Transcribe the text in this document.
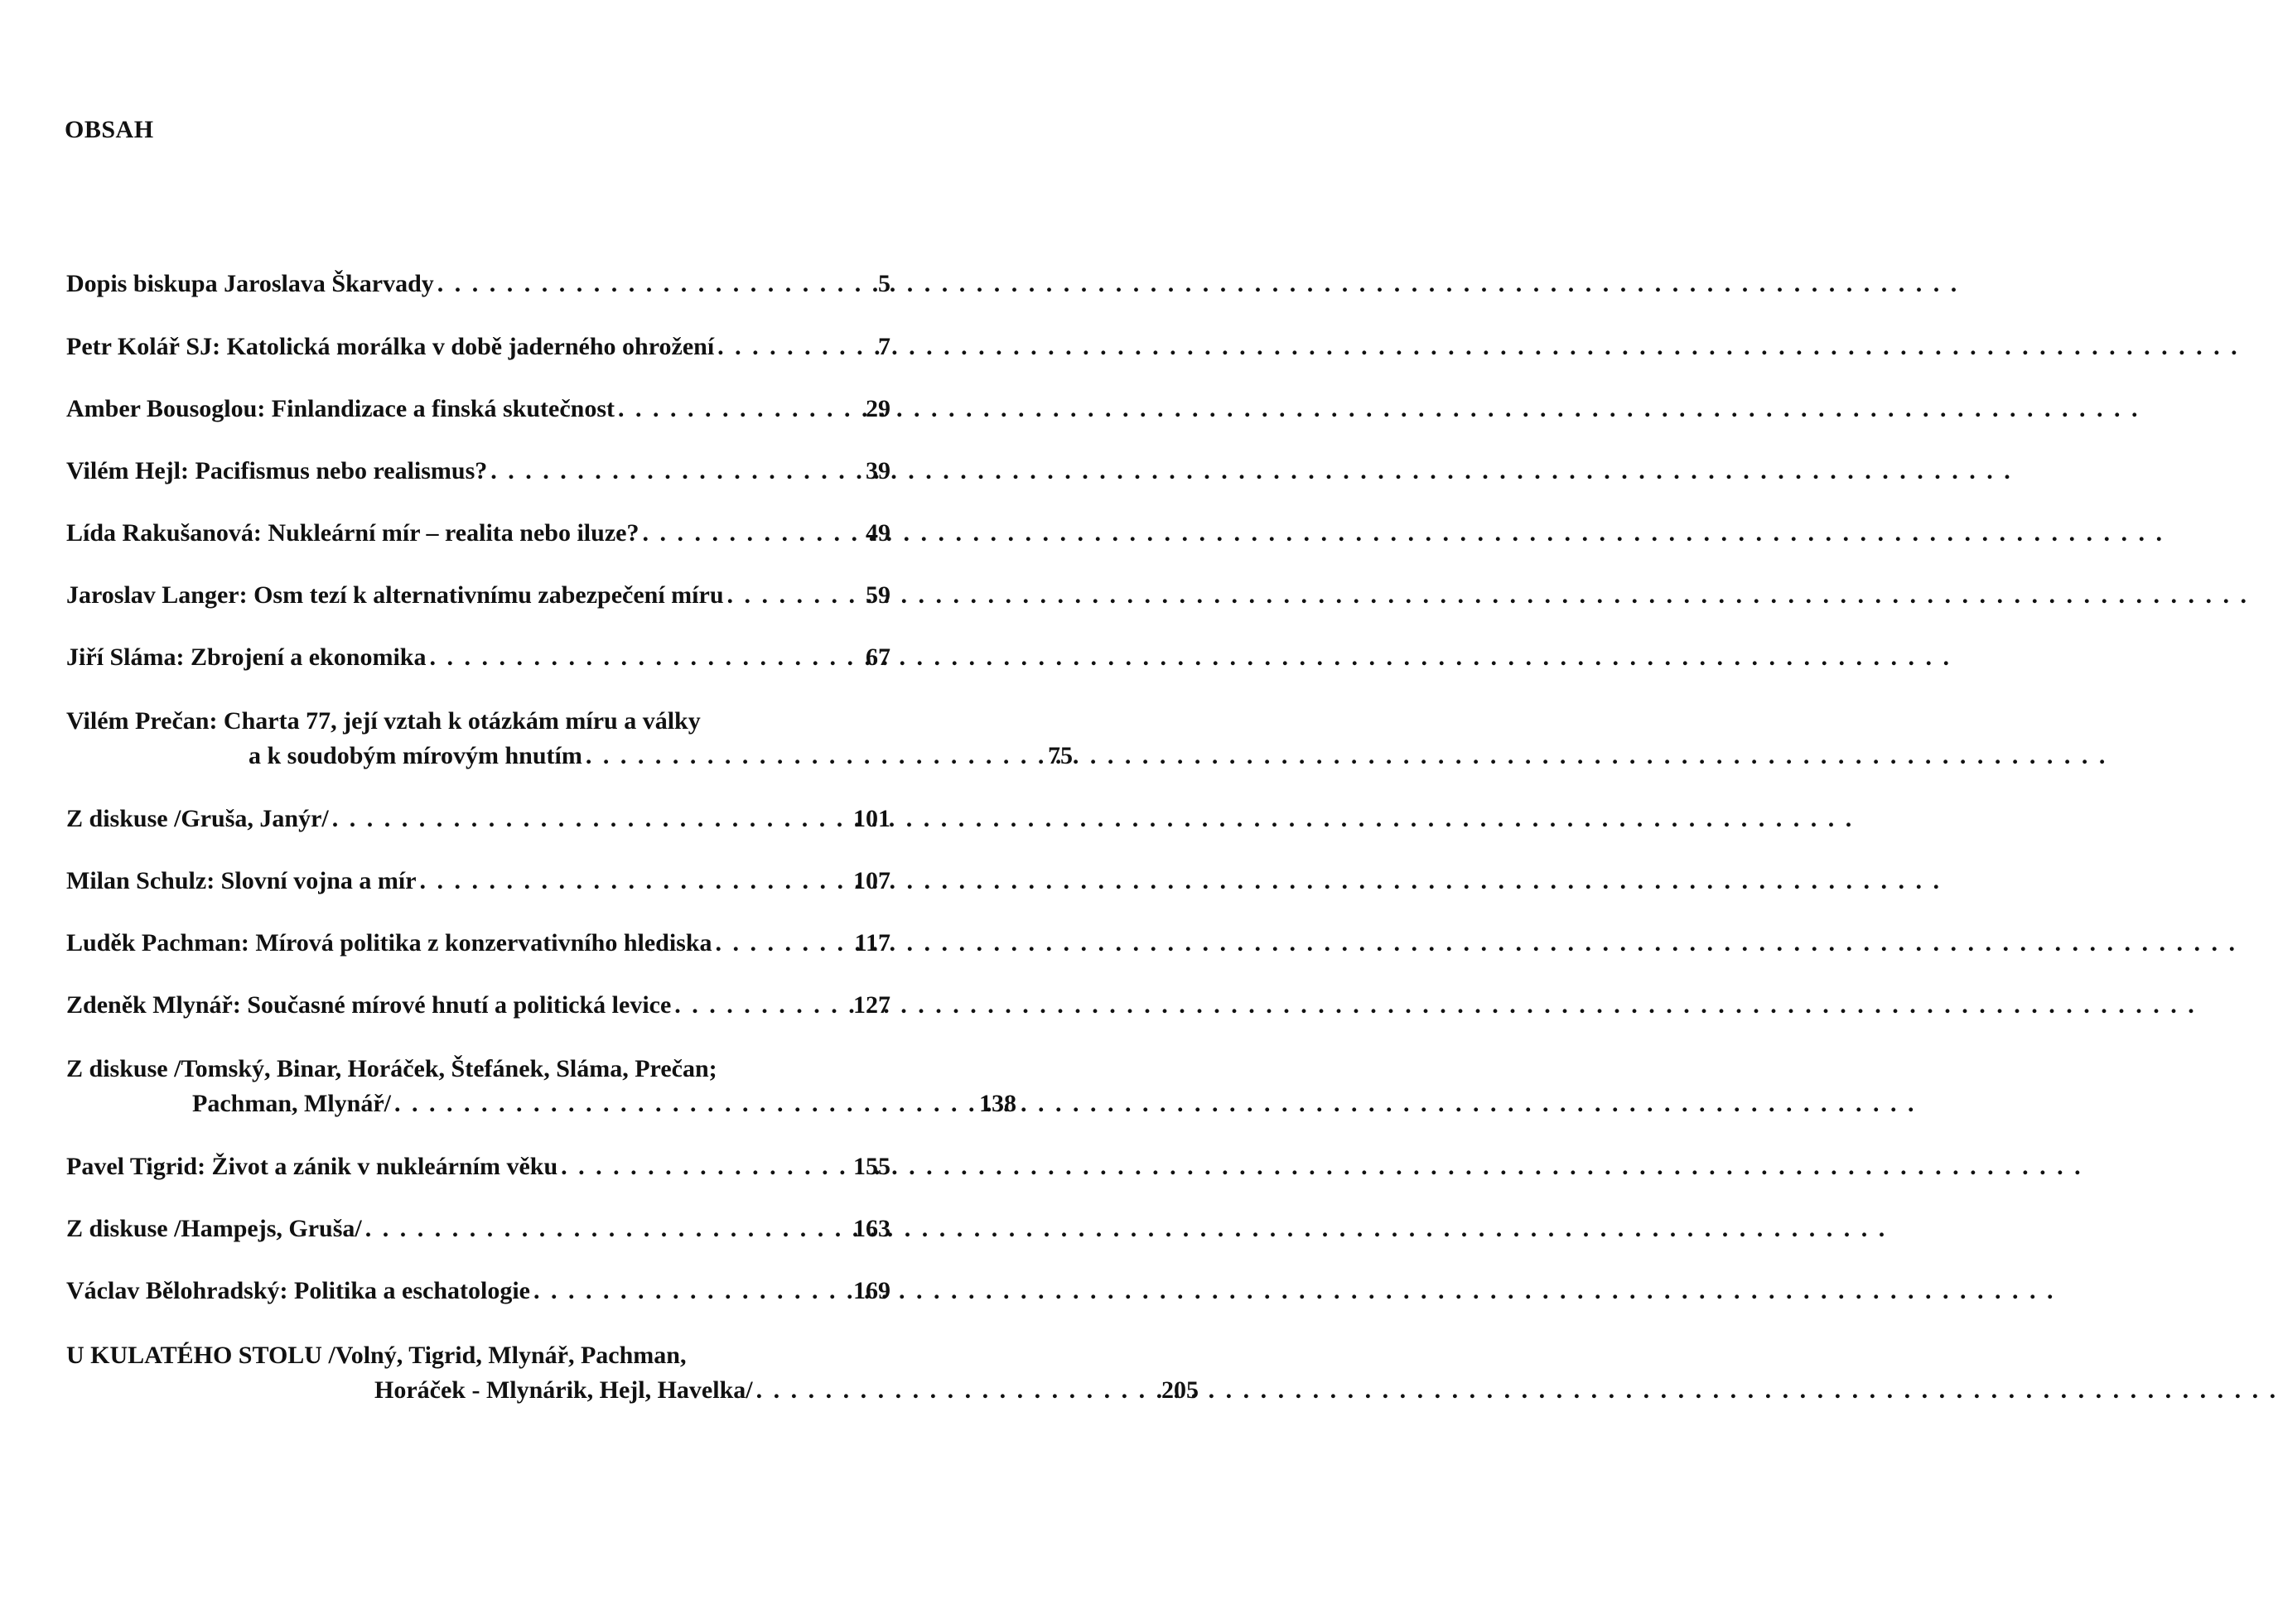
OBSAH
Dopis biskupa Jaroslava Škarvady . . .	5
Petr Kolář SJ: Katolická morálka v době jaderného ohrožení . . .	7
Amber Bousoglou: Finlandizace a finská skutečnost . . .	29
Vilém Hejl: Pacifismus nebo realismus? . . .	39
Lída Rakušanová: Nukleární mír – realita nebo iluze? . . .	49
Jaroslav Langer: Osm tezí k alternativnímu zabezpečení míru . . .	59
Jiří Sláma: Zbrojení a ekonomika . . .	67
Vilém Prečan: Charta 77, její vztah k otázkám míru a války
a k soudobým mírovým hnutím . . .	75
Z diskuse /Gruša, Janýr/ . . .	101
Milan Schulz: Slovní vojna a mír . . .	107
Luděk Pachman: Mírová politika z konzervativního hlediska . . .	117
Zdeněk Mlynář: Současné mírové hnutí a politická levice . . .	127
Z diskuse /Tomský, Binar, Horáček, Štefánek, Sláma, Prečan;
Pachman, Mlynář/ . . .	138
Pavel Tigrid: Život a zánik v nukleárním věku . . .	155
Z diskuse /Hampejs, Gruša/ . . .	163
Václav Bělohradský: Politika a eschatologie . . .	169
U KULATÉHO STOLU /Volný, Tigrid, Mlynář, Pachman,
Horáček - Mlynárik, Hejl, Havelka/ . . .	205
